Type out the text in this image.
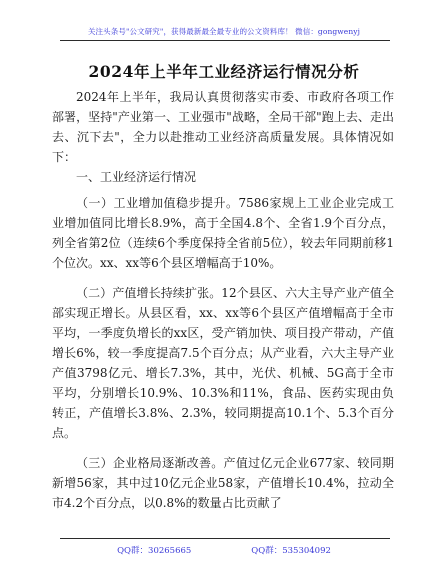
关注头条号"公文研究"，获得最新最全最专业的公文资料库！ 微信：gongwenyj
2024年上半年工业经济运行情况分析

2024年上半年，我局认真贯彻落实市委、市政府各项工作部署，坚持"产业第一、工业强市"战略，全局干部"跑上去、走出去、沉下去"，全力以赴推动工业经济高质量发展。具体情况如下：

一、工业经济运行情况

（一）工业增加值稳步提升。7586家规上工业企业完成工业增加值同比增长8.9%，高于全国4.8个、全省1.9个百分点，列全省第2位（连续6个季度保持全省前5位），较去年同期前移1个位次。xx、xx等6个县区增幅高于10%。

（二）产值增长持续扩张。12个县区、六大主导产业产值全部实现正增长。从县区看，xx、xx等6个县区产值增幅高于全市平均，一季度负增长的xx区，受产销加快、项目投产带动，产值增长6%，较一季度提高7.5个百分点；从产业看，六大主导产业产值3798亿元、增长7.3%，其中，光伏、机械、5G高于全市平均，分别增长10.9%、10.3%和11%，食品、医药实现由负转正，产值增长3.8%、2.3%，较同期提高10.1个、5.3个百分点。

（三）企业格局逐渐改善。产值过亿元企业677家、较同期新增56家，其中过10亿元企业58家，产值增长10.4%，拉动全市4.2个百分点，以0.8%的数量占比贡献了

QQ群：30265665	QQ群：535304092
